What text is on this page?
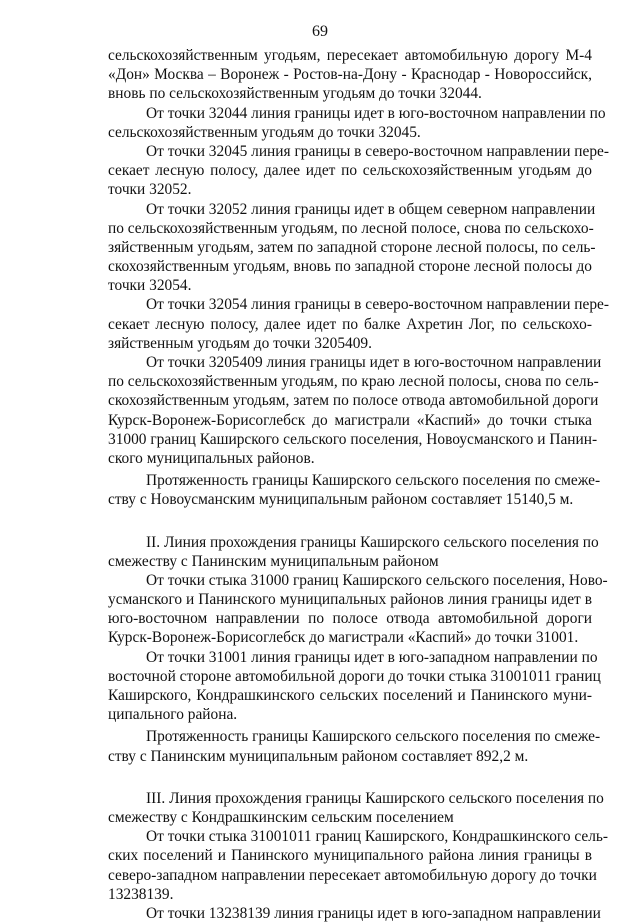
69
сельскохозяйственным угодьям, пересекает автомобильную дорогу М-4
«Дон» Москва – Воронеж - Ростов-на-Дону - Краснодар - Новороссийск,
вновь по сельскохозяйственным угодьям до точки 32044.
От точки 32044 линия границы идет в юго-восточном направлении по
сельскохозяйственным угодьям до точки 32045.
От точки 32045 линия границы в северо-восточном направлении пере-
секает лесную полосу, далее идет по сельскохозяйственным угодьям до
точки 32052.
От точки 32052 линия границы идет в общем северном направлении
по сельскохозяйственным угодьям, по лесной полосе, снова по сельскохо-
зяйственным угодьям, затем по западной стороне лесной полосы, по сель-
скохозяйственным угодьям, вновь по западной стороне лесной полосы до
точки 32054.
От точки 32054 линия границы в северо-восточном направлении пере-
секает лесную полосу, далее идет по балке Ахретин Лог, по сельскохо-
зяйственным угодьям до точки 3205409.
От точки 3205409 линия границы идет в юго-восточном направлении
по сельскохозяйственным угодьям, по краю лесной полосы, снова по сель-
скохозяйственным угодьям, затем по полосе отвода автомобильной дороги
Курск-Воронеж-Борисоглебск до магистрали «Каспий» до точки стыка
31000 границ Каширского сельского поселения, Новоусманского и Панин-
ского муниципальных районов.
Протяженность границы Каширского сельского поселения по смеже-
ству с Новоусманским муниципальным районом составляет 15140,5 м.
II. Линия прохождения границы Каширского сельского поселения по
смежеству с Панинским муниципальным районом
От точки стыка 31000 границ Каширского сельского поселения, Ново-
усманского и Панинского муниципальных районов линия границы идет в
юго-восточном направлении по полосе отвода автомобильной дороги
Курск-Воронеж-Борисоглебск до магистрали «Каспий» до точки 31001.
От точки 31001 линия границы идет в юго-западном направлении по
восточной стороне автомобильной дороги до точки стыка 31001011 границ
Каширского, Кондрашкинского сельских поселений и Панинского муни-
ципального района.
Протяженность границы Каширского сельского поселения по смеже-
ству с Панинским муниципальным районом составляет 892,2 м.
III. Линия прохождения границы Каширского сельского поселения по
смежеству с Кондрашкинским сельским поселением
От точки стыка 31001011 границ Каширского, Кондрашкинского сель-
ских поселений и Панинского муниципального района линия границы в
северо-западном направлении пересекает автомобильную дорогу до точки
13238139.
От точки 13238139 линия границы идет в юго-западном направлении
